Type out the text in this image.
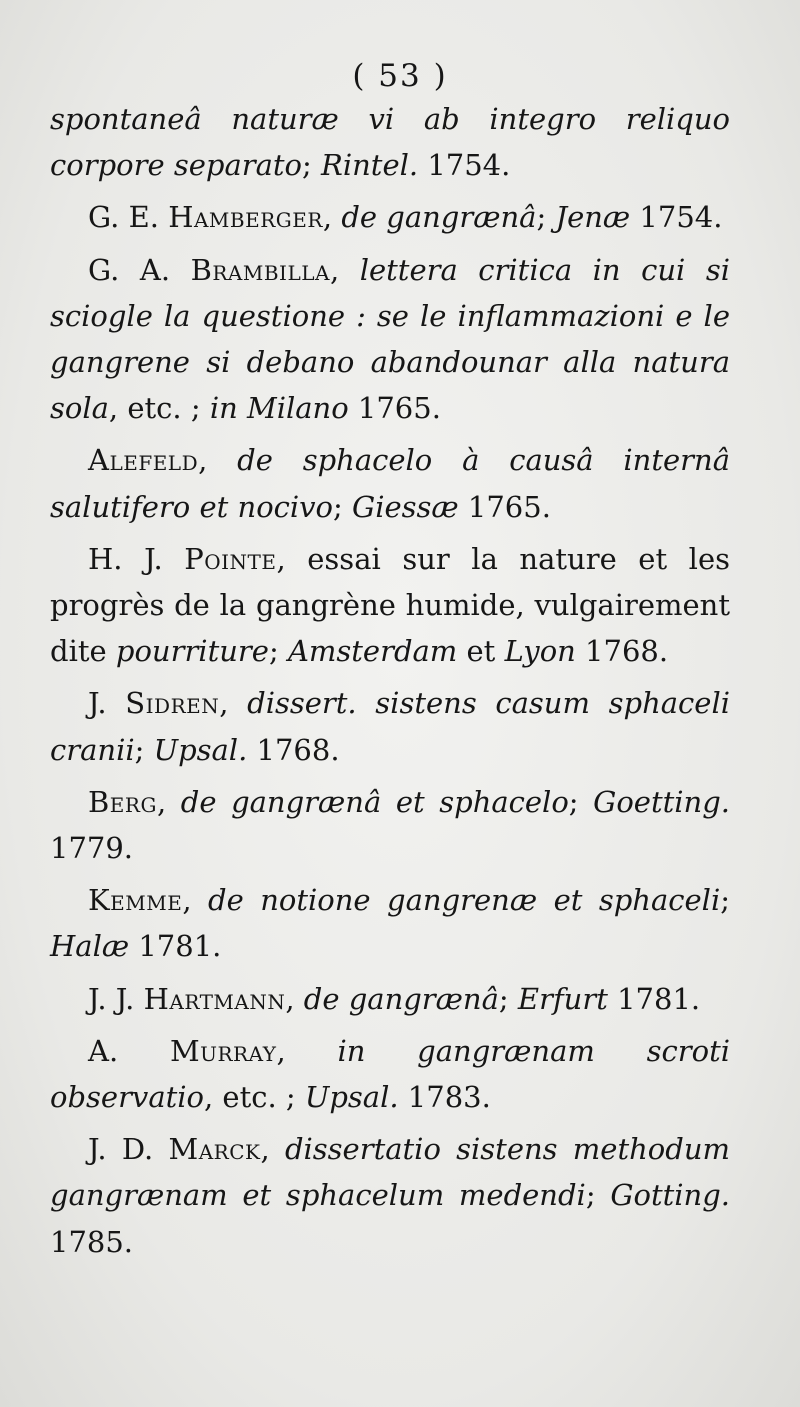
( 53 )

spontaneâ naturæ vi ab integro reliquo corpore separato; Rintel. 1754.

G. E. Hamberger, de gangrænâ; Jenæ 1754.

G. A. Brambilla, lettera critica in cui si sciogle la questione : se le inflammazioni e le gangrene si debano abandounar alla natura sola, etc. ; in Milano 1765.

Alefeld, de sphacelo à causâ internâ salutifero et nocivo; Giessæ 1765.

H. J. Pointe, essai sur la nature et les progrès de la gangrène humide, vulgairement dite pourriture; Amsterdam et Lyon 1768.

J. Sidren, dissert. sistens casum sphaceli cranii; Upsal. 1768.

Berg, de gangrænâ et sphacelo; Goetting. 1779.

Kemme, de notione gangrenæ et sphaceli; Halæ 1781.

J. J. Hartmann, de gangrænâ; Erfurt 1781.

A. Murray, in gangrænam scroti observatio, etc. ; Upsal. 1783.

J. D. Marck, dissertatio sistens methodum gangrænam et sphacelum medendi; Gotting. 1785.
